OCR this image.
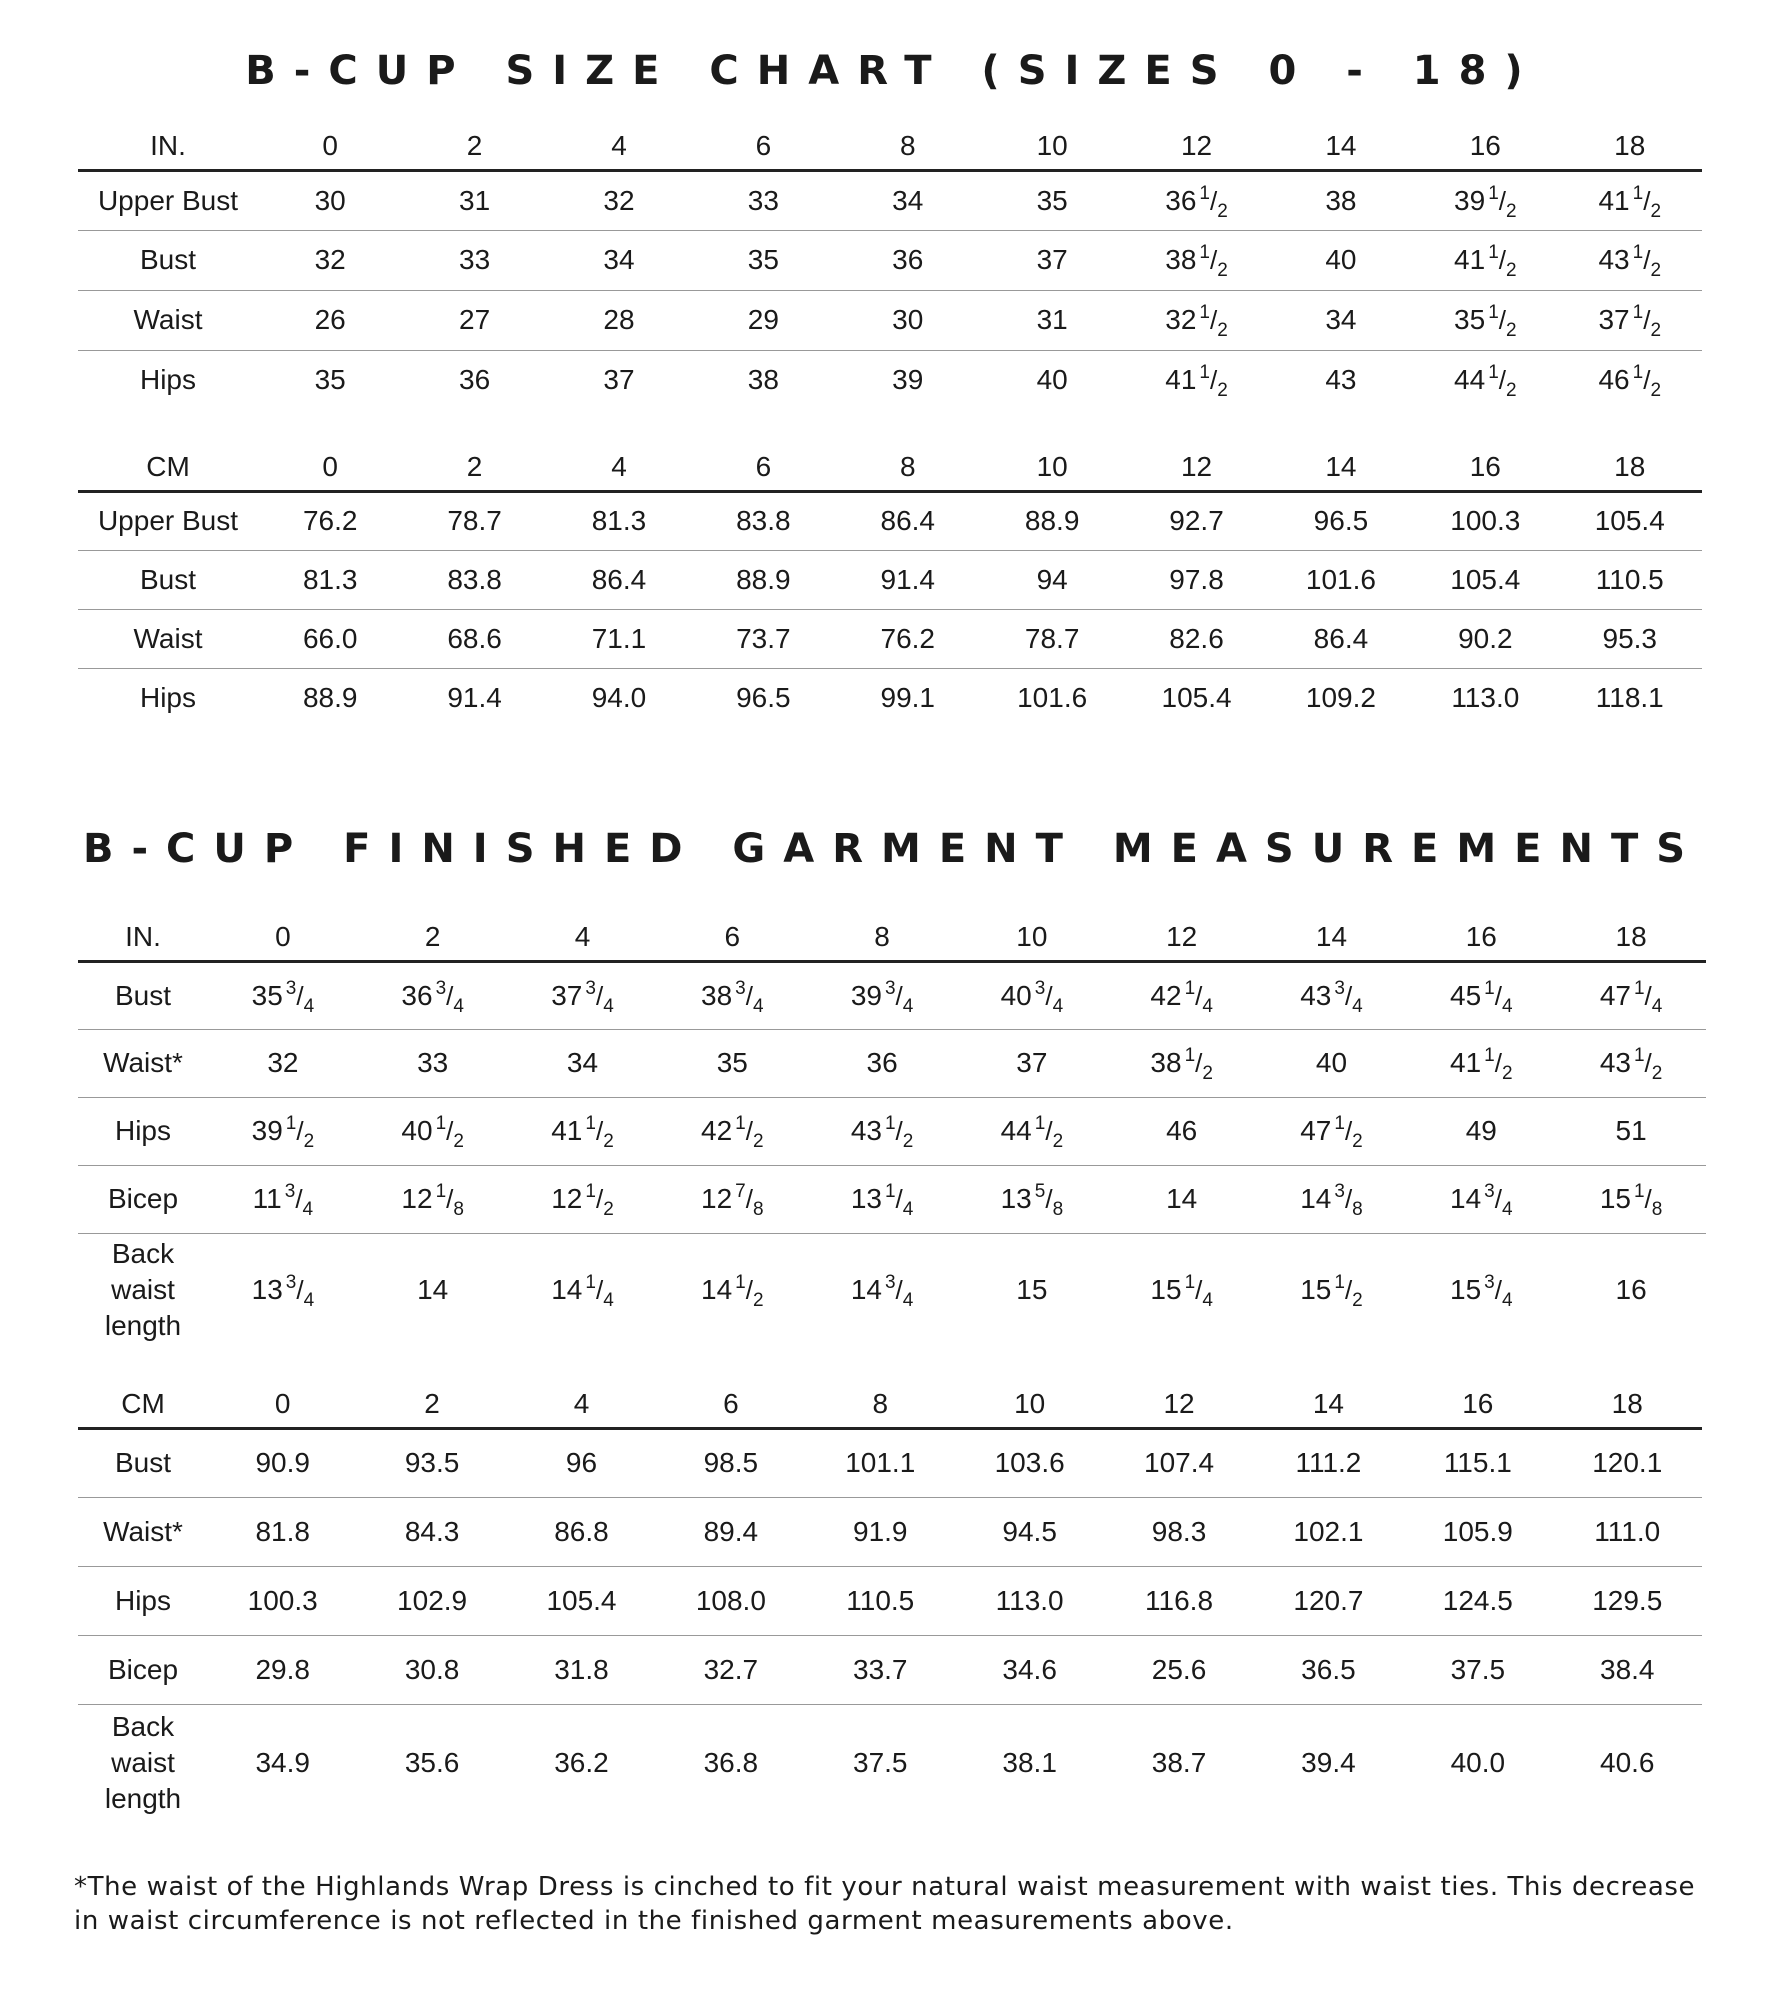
B-CUP SIZE CHART (SIZES 0 - 18)
IN.	0	2	4	6	8	10	12	14	16	18
Upper Bust	30	31	32	33	34	35	36 $^1/_2$	38	39 $^1/_2$	41 $^1/_2$
Bust	32	33	34	35	36	37	38 $^1/_2$	40	41 $^1/_2$	43 $^1/_2$
Waist	26	27	28	29	30	31	32 $^1/_2$	34	35 $^1/_2$	37 $^1/_2$
Hips	35	36	37	38	39	40	41 $^1/_2$	43	44 $^1/_2$	46 $^1/_2$
CM	0	2	4	6	8	10	12	14	16	18
Upper Bust	76.2	78.7	81.3	83.8	86.4	88.9	92.7	96.5	100.3	105.4
Bust	81.3	83.8	86.4	88.9	91.4	94	97.8	101.6	105.4	110.5
Waist	66.0	68.6	71.1	73.7	76.2	78.7	82.6	86.4	90.2	95.3
Hips	88.9	91.4	94.0	96.5	99.1	101.6	105.4	109.2	113.0	118.1
B-CUP FINISHED GARMENT MEASUREMENTS
IN.	0	2	4	6	8	10	12	14	16	18
Bust	35 $^3/_4$	36 $^3/_4$	37 $^3/_4$	38 $^3/_4$	39 $^3/_4$	40 $^3/_4$	42 $^1/_4$	43 $^3/_4$	45 $^1/_4$	47 $^1/_4$
Waist*	32	33	34	35	36	37	38 $^1/_2$	40	41 $^1/_2$	43 $^1/_2$
Hips	39 $^1/_2$	40 $^1/_2$	41 $^1/_2$	42 $^1/_2$	43 $^1/_2$	44 $^1/_2$	46	47 $^1/_2$	49	51
Bicep	11 $^3/_4$	12 $^1/_8$	12 $^1/_2$	12 $^7/_8$	13 $^1/_4$	13 $^5/_8$	14	14 $^3/_8$	14 $^3/_4$	15 $^1/_8$
Back
waist
length	13 $^3/_4$	14	14 $^1/_4$	14 $^1/_2$	14 $^3/_4$	15	15 $^1/_4$	15 $^1/_2$	15 $^3/_4$	16
CM	0	2	4	6	8	10	12	14	16	18
Bust	90.9	93.5	96	98.5	101.1	103.6	107.4	111.2	115.1	120.1
Waist*	81.8	84.3	86.8	89.4	91.9	94.5	98.3	102.1	105.9	111.0
Hips	100.3	102.9	105.4	108.0	110.5	113.0	116.8	120.7	124.5	129.5
Bicep	29.8	30.8	31.8	32.7	33.7	34.6	25.6	36.5	37.5	38.4
Back
waist
length	34.9	35.6	36.2	36.8	37.5	38.1	38.7	39.4	40.0	40.6

*The waist of the Highlands Wrap Dress is cinched to fit your natural waist measurement with waist ties. This decrease in waist circumference is not reflected in the finished garment measurements above.
